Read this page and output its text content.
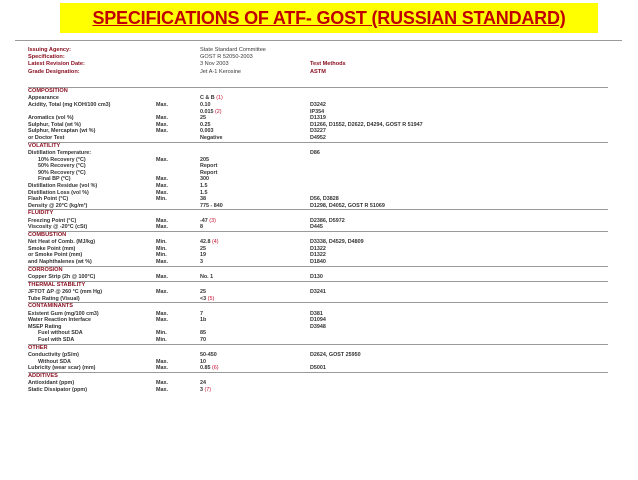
SPECIFICATIONS OF ATF- GOST (RUSSIAN STANDARD)
Issuing Agency:	State Standard Committee
Specification:	GOST R 52050-2003
Latest Revision Date:	3 Nov 2003	Test Methods
Grade Designation:	Jet A-1 Kerosine	ASTM
COMPOSITION
Appearance	C & B (1)
Acidity, Total (mg KOH/100 cm3)	Max.	0.10	D3242
0.015 (2)	IP354
Aromatics (vol %)	Max.	25	D1319
Sulphur, Total (wt %)	Max.	0.25	D1266, D1552, D2622, D4294, GOST R 51947
Sulphur, Mercaptan (wt %)	Max.	0.003	D3227
or Doctor Test	Negative	D4952
VOLATILITY
Distillation Temperature:	D86
10% Recovery (°C)	Max.	205
50% Recovery (°C)	Report
90% Recovery (°C)	Report
Final BP (°C)	Max.	300
Distillation Residue (vol %)	Max.	1.5
Distillation Loss (vol %)	Max.	1.5
Flash Point (°C)	Min.	38	D56, D3828
Density @ 20°C (kg/m³)	775 - 840	D1298, D4052, GOST R 51069
FLUIDITY
Freezing Point (°C)	Max.	-47 (3)	D2386, D5972
Viscosity @ -20°C (cSt)	Max.	8	D445
COMBUSTION
Net Heat of Comb. (MJ/kg)	Min.	42.8 (4)	D3338, D4529, D4809
Smoke Point (mm)	Min.	25	D1322
or Smoke Point (mm)	Min.	19	D1322
and Naphthalenes (wt %)	Max.	3	D1840
CORROSION
Copper Strip (2h @ 100°C)	Max.	No. 1	D130
THERMAL STABILITY
JFTOT ΔP @ 260 °C (mm Hg)	Max.	25	D3241
Tube Rating (Visual)	<3 (5)
CONTAMINANTS
Existent Gum (mg/100 cm3)	Max.	7	D381
Water Reaction Interface	Max.	1b	D1094
MSEP Rating	D3948
Fuel without SDA	Min.	85
Fuel with SDA	Min.	70
OTHER
Conductivity (pS/m)	50-450	D2624, GOST 25950
Without SDA	Max.	10
Lubricity (wear scar) (mm)	Max.	0.85 (6)	D5001
ADDITIVES
Antioxidant (ppm)	Max.	24
Static Dissipator (ppm)	Max.	3 (7)
